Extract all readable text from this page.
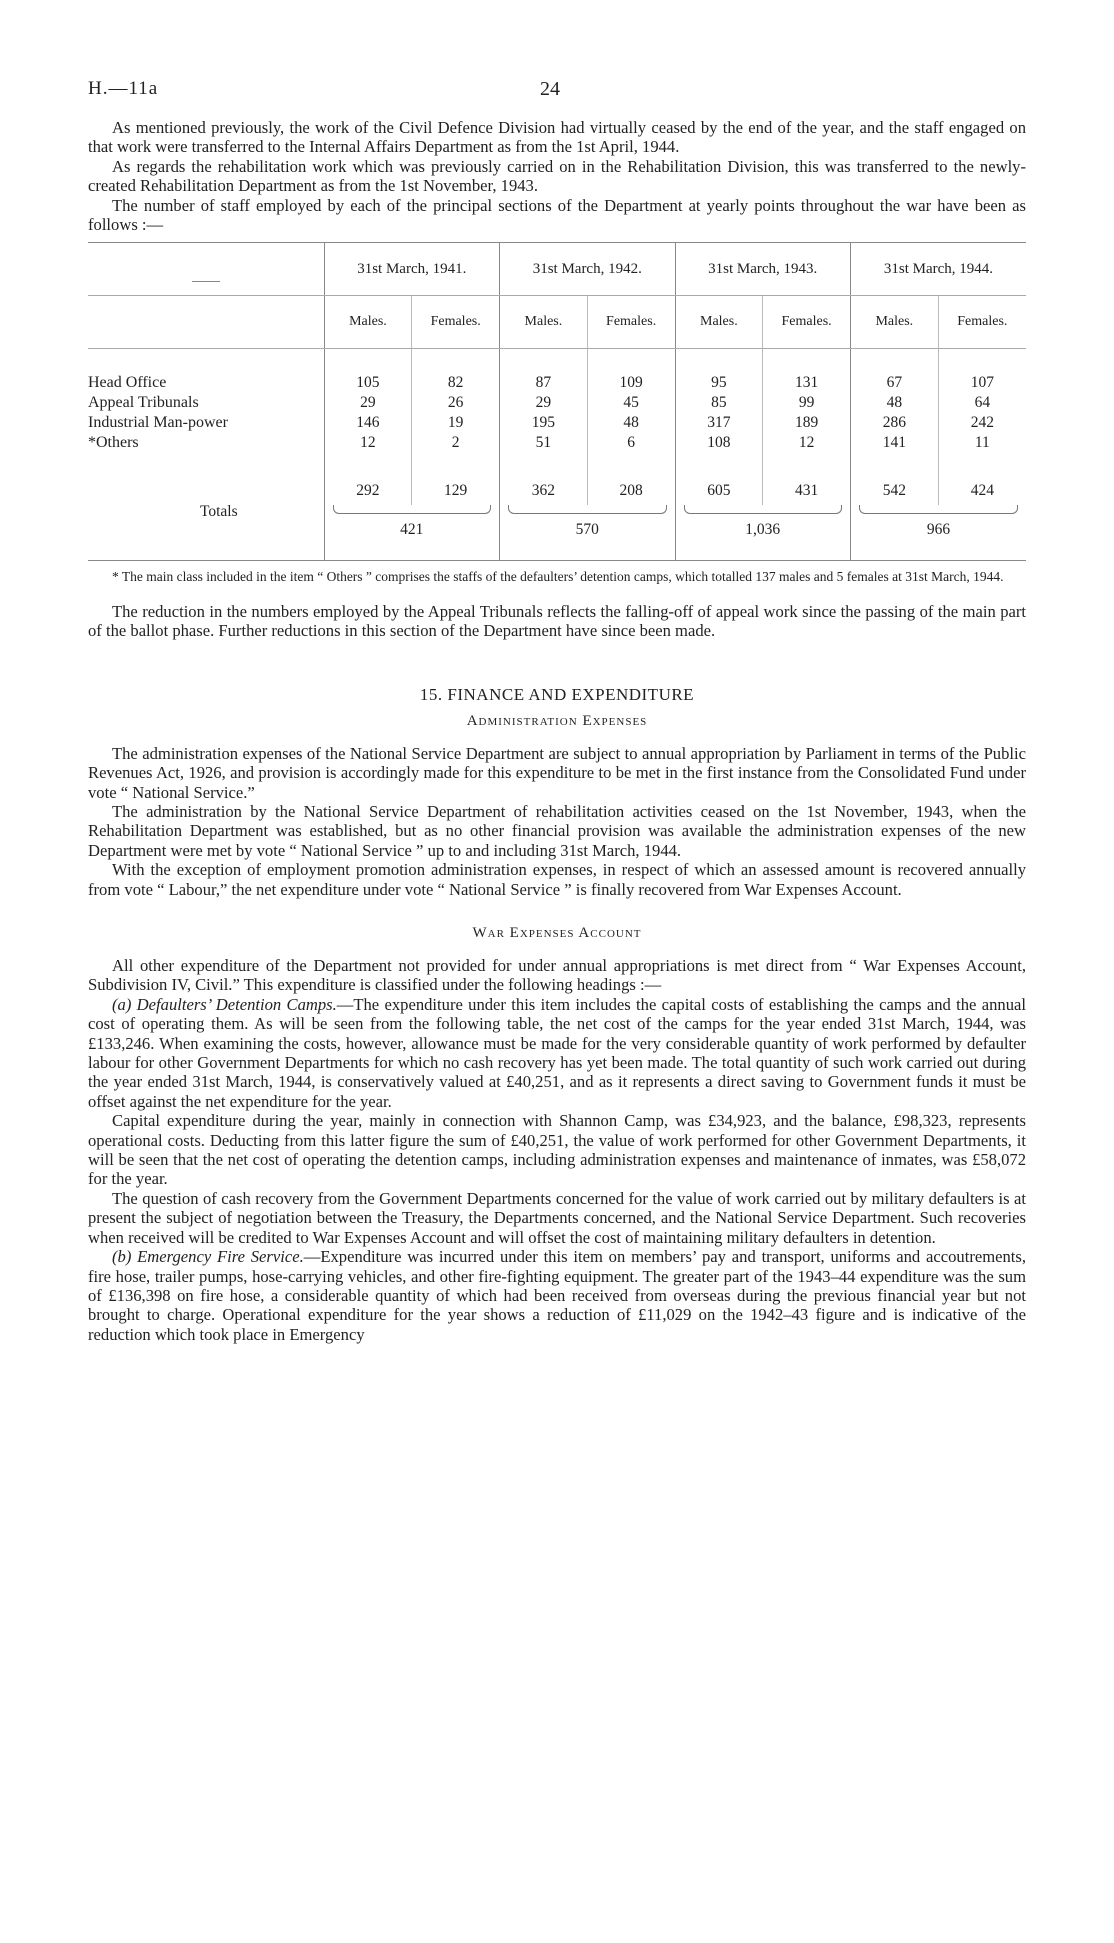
H.—11a	24

As mentioned previously, the work of the Civil Defence Division had virtually ceased by the end of the year, and the staff engaged on that work were transferred to the Internal Affairs Department as from the 1st April, 1944.

As regards the rehabilitation work which was previously carried on in the Rehabilitation Division, this was transferred to the newly-created Rehabilitation Department as from the 1st November, 1943.

The number of staff employed by each of the principal sections of the Department at yearly points throughout the war have been as follows :—

	31st March, 1941.		31st March, 1942.		31st March, 1943.		31st March, 1944.	
	Males.	Females.	Males.	Females.	Males.	Females.	Males.	Females.

Head Office	105	82	87	109	95	131	67	107
Appeal Tribunals	29	26	29	45	85	99	48	64
Industrial Man-power	146	19	195	48	317	189	286	242
*Others	12	2	51	6	108	12	141	11

Totals	292	129	362	208	605	431	542	424

	421		570		1,036		966	

* The main class included in the item “ Others ” comprises the staffs of the defaulters’ detention camps, which totalled 137 males and 5 females at 31st March, 1944.

The reduction in the numbers employed by the Appeal Tribunals reflects the falling-off of appeal work since the passing of the main part of the ballot phase. Further reductions in this section of the Department have since been made.

15. FINANCE AND EXPENDITURE
Administration Expenses

The administration expenses of the National Service Department are subject to annual appropriation by Parliament in terms of the Public Revenues Act, 1926, and provision is accordingly made for this expenditure to be met in the first instance from the Consolidated Fund under vote “ National Service.”

The administration by the National Service Department of rehabilitation activities ceased on the 1st November, 1943, when the Rehabilitation Department was established, but as no other financial provision was available the administration expenses of the new Department were met by vote “ National Service ” up to and including 31st March, 1944.

With the exception of employment promotion administration expenses, in respect of which an assessed amount is recovered annually from vote “ Labour,” the net expenditure under vote “ National Service ” is finally recovered from War Expenses Account.

War Expenses Account

All other expenditure of the Department not provided for under annual appropriations is met direct from “ War Expenses Account, Subdivision IV, Civil.” This expenditure is classified under the following headings :—

(a) Defaulters’ Detention Camps.—The expenditure under this item includes the capital costs of establishing the camps and the annual cost of operating them. As will be seen from the following table, the net cost of the camps for the year ended 31st March, 1944, was £133,246. When examining the costs, however, allowance must be made for the very considerable quantity of work performed by defaulter labour for other Government Departments for which no cash recovery has yet been made. The total quantity of such work carried out during the year ended 31st March, 1944, is conservatively valued at £40,251, and as it represents a direct saving to Government funds it must be offset against the net expenditure for the year.

Capital expenditure during the year, mainly in connection with Shannon Camp, was £34,923, and the balance, £98,323, represents operational costs. Deducting from this latter figure the sum of £40,251, the value of work performed for other Government Departments, it will be seen that the net cost of operating the detention camps, including administration expenses and maintenance of inmates, was £58,072 for the year.

The question of cash recovery from the Government Departments concerned for the value of work carried out by military defaulters is at present the subject of negotiation between the Treasury, the Departments concerned, and the National Service Department. Such recoveries when received will be credited to War Expenses Account and will offset the cost of maintaining military defaulters in detention.

(b) Emergency Fire Service.—Expenditure was incurred under this item on members’ pay and transport, uniforms and accoutrements, fire hose, trailer pumps, hose-carrying vehicles, and other fire-fighting equipment. The greater part of the 1943–44 expenditure was the sum of £136,398 on fire hose, a considerable quantity of which had been received from overseas during the previous financial year but not brought to charge. Operational expenditure for the year shows a reduction of £11,029 on the 1942–43 figure and is indicative of the reduction which took place in Emergency
